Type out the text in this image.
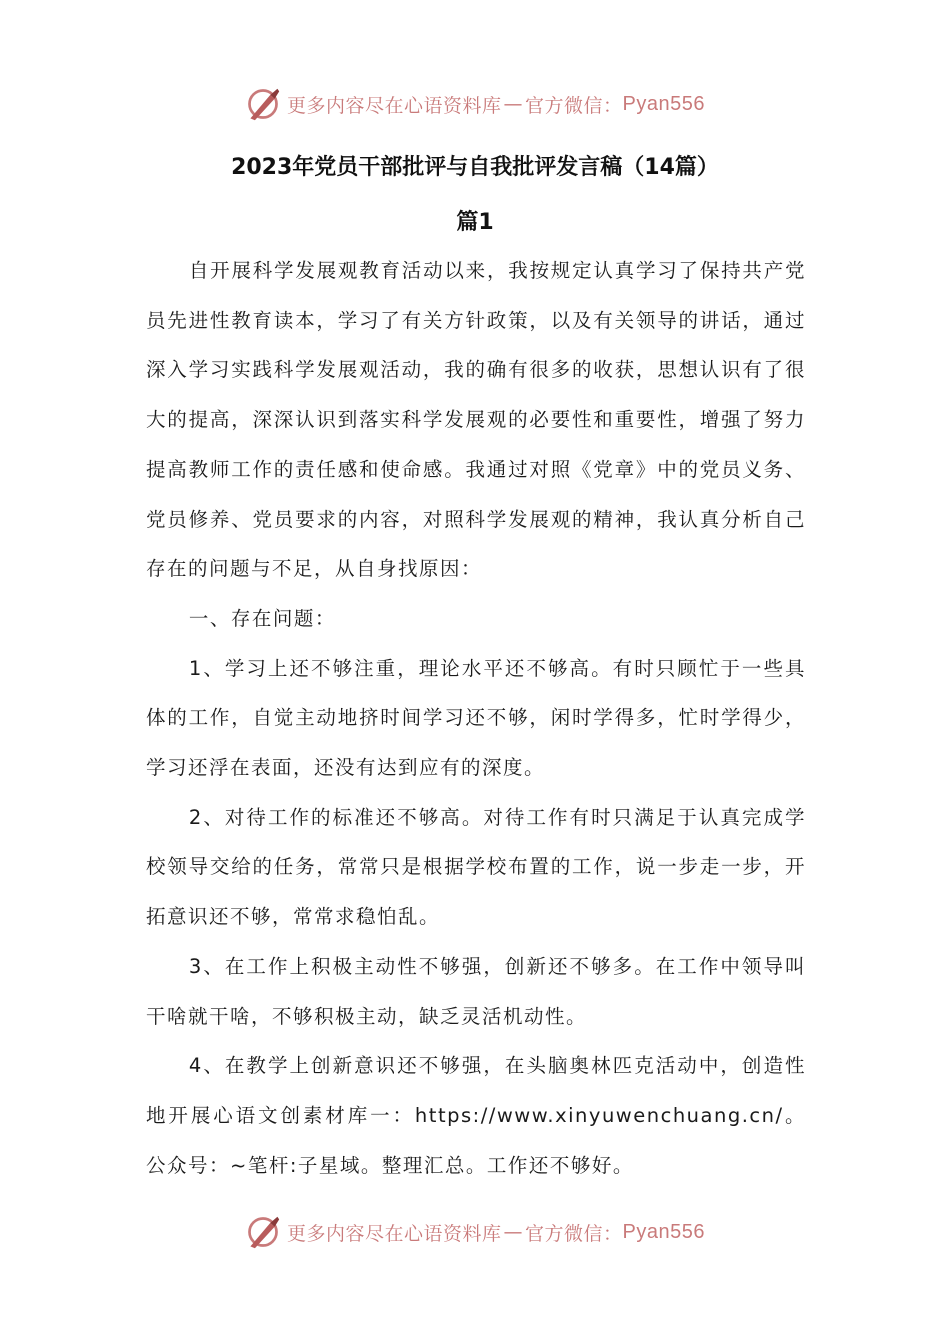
更多内容尽在心语资料库 — 官方微信： Pyan556
2023年党员干部批评与自我批评发言稿（14篇）
篇1

自开展科学发展观教育活动以来，我按规定认真学习了保持共产党员先进性教育读本，学习了有关方针政策，以及有关领导的讲话，通过深入学习实践科学发展观活动，我的确有很多的收获，思想认识有了很大的提高，深深认识到落实科学发展观的必要性和重要性，增强了努力提高教师工作的责任感和使命感。我通过对照《党章》中的党员义务、党员修养、党员要求的内容，对照科学发展观的精神，我认真分析自己存在的问题与不足，从自身找原因：

一、存在问题：

1、学习上还不够注重，理论水平还不够高。有时只顾忙于一些具体的工作，自觉主动地挤时间学习还不够，闲时学得多，忙时学得少，学习还浮在表面，还没有达到应有的深度。

2、对待工作的标准还不够高。对待工作有时只满足于认真完成学校领导交给的任务，常常只是根据学校布置的工作，说一步走一步，开拓意识还不够，常常求稳怕乱。

3、在工作上积极主动性不够强，创新还不够多。在工作中领导叫干啥就干啥，不够积极主动，缺乏灵活机动性。

4、在教学上创新意识还不够强，在头脑奥林匹克活动中，创造性地开展心语文创素材库一：https://www.xinyuwenchuang.cn/。公众号：~笔杆:子星域。整理汇总。工作还不够好。

更多内容尽在心语资料库 — 官方微信： Pyan556
